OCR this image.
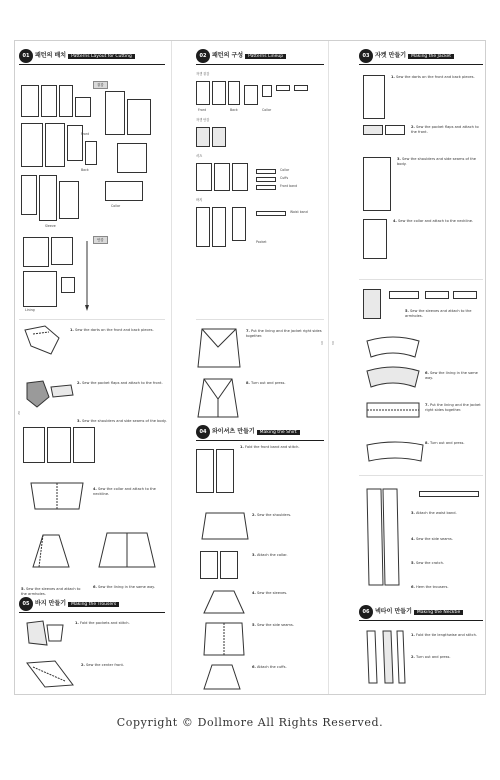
01 패턴의 배치 Patterns Layout for Cutting
겉감
Front
Back
Sleeve
Collar
안감
Lining
1. Sew the darts on the front and back pieces.
2. Sew the pocket flaps and attach to the front.
3. Sew the shoulders and side seams of the body.
4. Sew the collar and attach to the neckline.
5. Sew the sleeves and attach to the armholes.
6. Sew the lining in the same way.
05 바지 만들기 Making the Trousers
1. Fold the pockets and stitch.
2. Sew the center front.
02
02 패턴의 구성 Patterns Lineup
자켓 겉감
Front	Back	Collar
자켓 안감
셔츠
Collar
Cuffs
Front band
바지
Waist band
Pocket
7. Put the lining and the jacket right sides together.
8. Turn out and press.
04 와이셔츠 만들기 Making the Shirt
1. Fold the front band and stitch.
2. Sew the shoulders.
3. Attach the collar.
4. Sew the sleeves.
5. Sew the side seams.
6. Attach the cuffs.
03
03 자켓 만들기 Making the Jacket
1. Sew the darts on the front and back pieces.
2. Sew the pocket flaps and attach to the front.
3. Sew the shoulders and side seams of the body.
4. Sew the collar and attach to the neckline.
5. Sew the sleeves and attach to the armholes.
6. Sew the lining in the same way.
7. Put the lining and the jacket right sides together.
8. Turn out and press.
3. Attach the waist band.
4. Sew the side seams.
5. Sew the crotch.
6. Hem the trousers.
06 넥타이 만들기 Making the Necktie
1. Fold the tie lengthwise and stitch.
2. Turn out and press.
04
Copyright © Dollmore All Rights Reserved.
